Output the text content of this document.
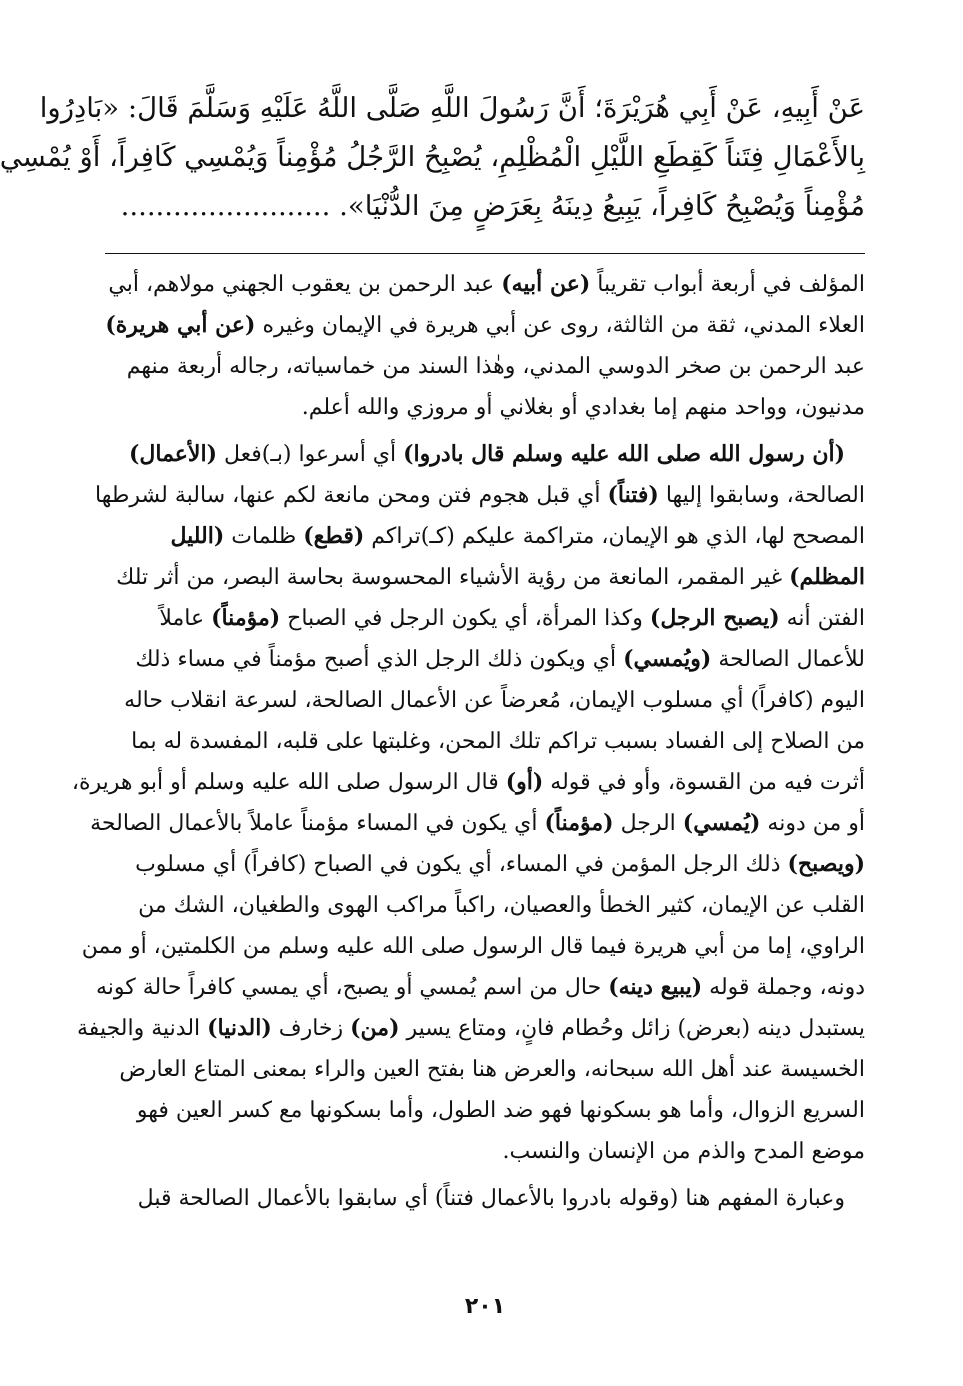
عَنْ أَبِيهِ، عَنْ أَبِي هُرَيْرَةَ؛ أَنَّ رَسُولَ اللَّهِ صَلَّى اللَّهُ عَلَيْهِ وَسَلَّمَ قَالَ: «بَادِرُوا
بِالأَعْمَالِ فِتَناً كَقِطَعِ اللَّيْلِ الْمُظْلِمِ، يُصْبِحُ الرَّجُلُ مُؤْمِناً وَيُمْسِي كَافِراً، أَوْ يُمْسِي
مُؤْمِناً وَيُصْبِحُ كَافِراً، يَبِيعُ دِينَهُ بِعَرَضٍ مِنَ الدُّنْيَا». ........................
المؤلف في أربعة أبواب تقريباً (عن أبيه) عبد الرحمن بن يعقوب الجهني مولاهم، أبي
العلاء المدني، ثقة من الثالثة، روى عن أبي هريرة في الإيمان وغيره (عن أبي هريرة)
عبد الرحمن بن صخر الدوسي المدني، وهٰذا السند من خماسياته، رجاله أربعة منهم
مدنيون، وواحد منهم إما بغدادي أو بغلاني أو مروزي والله أعلم.
(أن رسول الله صلى الله عليه وسلم قال بادروا) أي أسرعوا (بـ)فعل (الأعمال)
الصالحة، وسابقوا إليها (فتناً) أي قبل هجوم فتن ومحن مانعة لكم عنها، سالبة لشرطها
المصحح لها، الذي هو الإيمان، متراكمة عليكم (كـ)تراكم (قطع) ظلمات (الليل
المظلم) غير المقمر، المانعة من رؤية الأشياء المحسوسة بحاسة البصر، من أثر تلك
الفتن أنه (يصبح الرجل) وكذا المرأة، أي يكون الرجل في الصباح (مؤمناً) عاملاً
للأعمال الصالحة (ويُمسي) أي ويكون ذلك الرجل الذي أصبح مؤمناً في مساء ذلك
اليوم (كافراً) أي مسلوب الإيمان، مُعرضاً عن الأعمال الصالحة، لسرعة انقلاب حاله
من الصلاح إلى الفساد بسبب تراكم تلك المحن، وغلبتها على قلبه، المفسدة له بما
أثرت فيه من القسوة، وأو في قوله (أو) قال الرسول صلى الله عليه وسلم أو أبو هريرة،
أو من دونه (يُمسي) الرجل (مؤمناً) أي يكون في المساء مؤمناً عاملاً بالأعمال الصالحة
(ويصبح) ذلك الرجل المؤمن في المساء، أي يكون في الصباح (كافراً) أي مسلوب
القلب عن الإيمان، كثير الخطأ والعصيان، راكباً مراكب الهوى والطغيان، الشك من
الراوي، إما من أبي هريرة فيما قال الرسول صلى الله عليه وسلم من الكلمتين، أو ممن
دونه، وجملة قوله (يبيع دينه) حال من اسم يُمسي أو يصبح، أي يمسي كافراً حالة كونه
يستبدل دينه (بعرض) زائل وحُطام فانٍ، ومتاع يسير (من) زخارف (الدنيا) الدنية والجيفة
الخسيسة عند أهل الله سبحانه، والعرض هنا بفتح العين والراء بمعنى المتاع العارض
السريع الزوال، وأما هو بسكونها فهو ضد الطول، وأما بسكونها مع كسر العين فهو
موضع المدح والذم من الإنسان والنسب.
وعبارة المفهم هنا (وقوله بادروا بالأعمال فتناً) أي سابقوا بالأعمال الصالحة قبل
٢٠١
